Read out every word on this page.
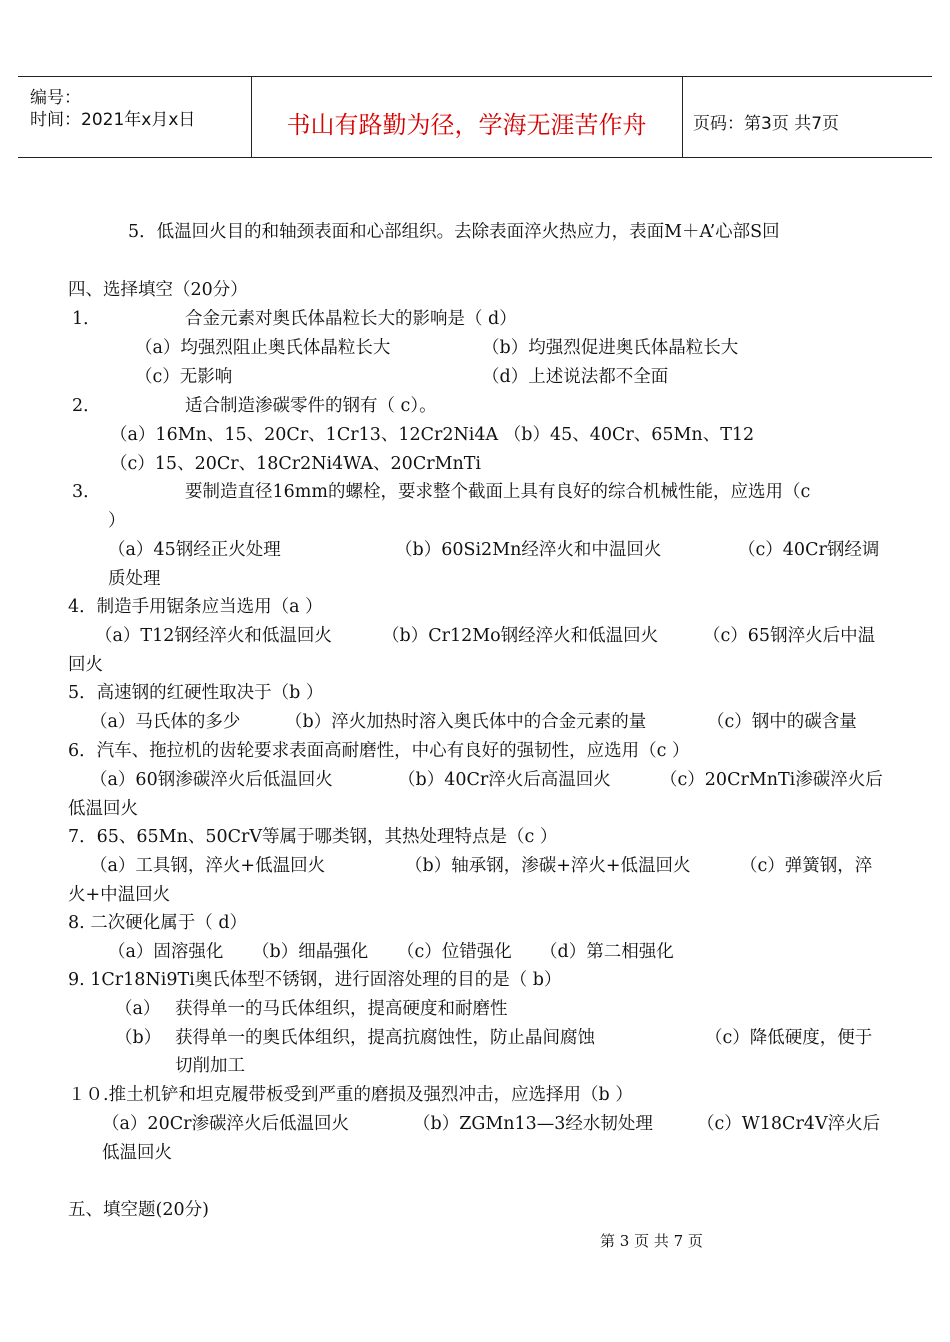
编号：
时间：2021年x月x日	书山有路勤为径，学海无涯苦作舟	页码：第3页 共7页
5．低温回火目的和轴颈表面和心部组织。去除表面淬火热应力，表面M＋A’心部S回
四、选择填空（20分）
1．	合金元素对奥氏体晶粒长大的影响是（ d）
（a）均强烈阻止奥氏体晶粒长大	（b）均强烈促进奥氏体晶粒长大
（c）无影响	（d）上述说法都不全面
2．	适合制造渗碳零件的钢有（ c）。
（a）16Mn、15、20Cr、1Cr13、12Cr2Ni4A （b）45、40Cr、65Mn、T12
（c）15、20Cr、18Cr2Ni4WA、20CrMnTi
3．	要制造直径16mm的螺栓，要求整个截面上具有良好的综合机械性能，应选用（c
）
（a）45钢经正火处理	（b）60Si2Mn经淬火和中温回火	（c）40Cr钢经调
质处理
4．制造手用锯条应当选用（a ）
（a）T12钢经淬火和低温回火	（b）Cr12Mo钢经淬火和低温回火	（c）65钢淬火后中温
回火
5．高速钢的红硬性取决于（b ）
（a）马氏体的多少	（b）淬火加热时溶入奥氏体中的合金元素的量	（c）钢中的碳含量
6．汽车、拖拉机的齿轮要求表面高耐磨性，中心有良好的强韧性，应选用（c ）
（a）60钢渗碳淬火后低温回火	（b）40Cr淬火后高温回火	（c）20CrMnTi渗碳淬火后
低温回火
7．65、65Mn、50CrV等属于哪类钢，其热处理特点是（c ）
（a）工具钢，淬火+低温回火	（b）轴承钢，渗碳+淬火+低温回火	（c）弹簧钢，淬
火+中温回火
8. 二次硬化属于（ d）
（a）固溶强化 （b）细晶强化 （c）位错强化 （d）第二相强化
9. 1Cr18Ni9Ti奥氏体型不锈钢，进行固溶处理的目的是（ b）
（a） 获得单一的马氏体组织，提高硬度和耐磨性
（b） 获得单一的奥氏体组织，提高抗腐蚀性，防止晶间腐蚀	（c）降低硬度，便于
切削加工
１０.推土机铲和坦克履带板受到严重的磨损及强烈冲击，应选择用（b ）
（a）20Cr渗碳淬火后低温回火	（b）ZGMn13—3经水韧处理	（c）W18Cr4V淬火后
低温回火
五、填空题(20分)
第 3 页 共 7 页
